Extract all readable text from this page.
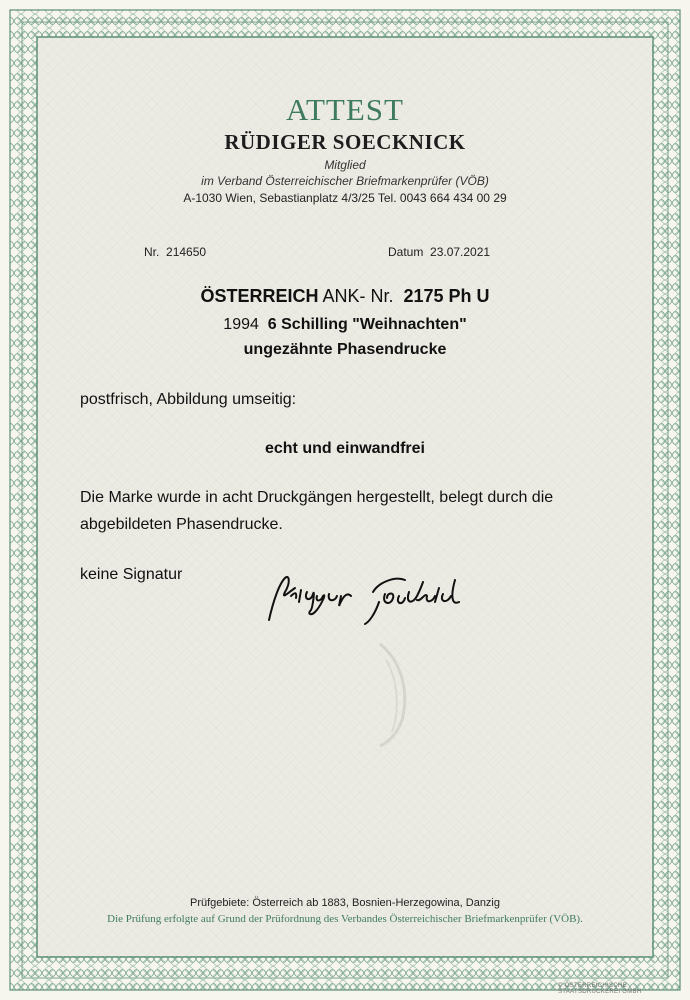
ATTEST
RÜDIGER SOECKNICK
Mitglied
im Verband Österreichischer Briefmarkenprüfer (VÖB)
A-1030 Wien, Sebastianplatz 4/3/25 Tel. 0043 664 434 00 29
Nr. 214650	Datum 23.07.2021
ÖSTERREICH ANK- Nr. 2175 Ph U
1994 6 Schilling "Weihnachten"
ungezähnte Phasendrucke
postfrisch, Abbildung umseitig:
echt und einwandfrei
Die Marke wurde in acht Druckgängen hergestellt, belegt durch die
abgebildeten Phasendrucke.
keine Signatur
Prüfgebiete: Österreich ab 1883, Bosnien-Herzegowina, Danzig
Die Prüfung erfolgte auf Grund der Prüfordnung des Verbandes Österreichischer Briefmarkenprüfer (VÖB).
© ÖSTERREICHISCHE STAATSDRUCKEREI GMBH
